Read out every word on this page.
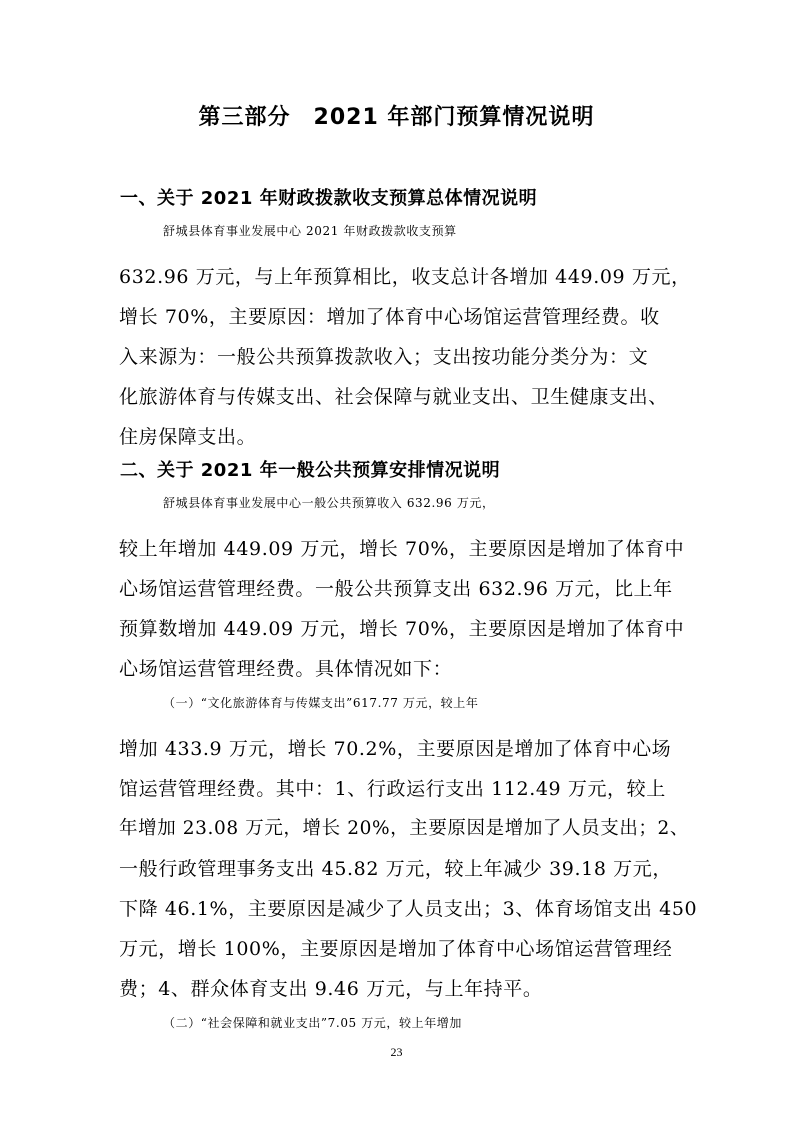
第三部分　2021 年部门预算情况说明
一、关于 2021 年财政拨款收支预算总体情况说明
舒城县体育事业发展中心 2021 年财政拨款收支预算
632.96 万元，与上年预算相比，收支总计各增加 449.09 万元，
增长 70%，主要原因：增加了体育中心场馆运营管理经费。收
入来源为：一般公共预算拨款收入；支出按功能分类分为：文
化旅游体育与传媒支出、社会保障与就业支出、卫生健康支出、
住房保障支出。
二、关于 2021 年一般公共预算安排情况说明
舒城县体育事业发展中心一般公共预算收入 632.96 万元，
较上年增加 449.09 万元，增长 70%，主要原因是增加了体育中
心场馆运营管理经费。一般公共预算支出 632.96 万元，比上年
预算数增加 449.09 万元，增长 70%，主要原因是增加了体育中
心场馆运营管理经费。具体情况如下：
（一）“文化旅游体育与传媒支出”617.77 万元，较上年
增加 433.9 万元，增长 70.2%，主要原因是增加了体育中心场
馆运营管理经费。其中：1、行政运行支出 112.49 万元，较上
年增加 23.08 万元，增长 20%，主要原因是增加了人员支出；2、
一般行政管理事务支出 45.82 万元，较上年减少 39.18 万元，
下降 46.1%，主要原因是减少了人员支出；3、体育场馆支出 450
万元，增长 100%，主要原因是增加了体育中心场馆运营管理经
费；4、群众体育支出 9.46 万元，与上年持平。
（二）“社会保障和就业支出”7.05 万元，较上年增加
23
